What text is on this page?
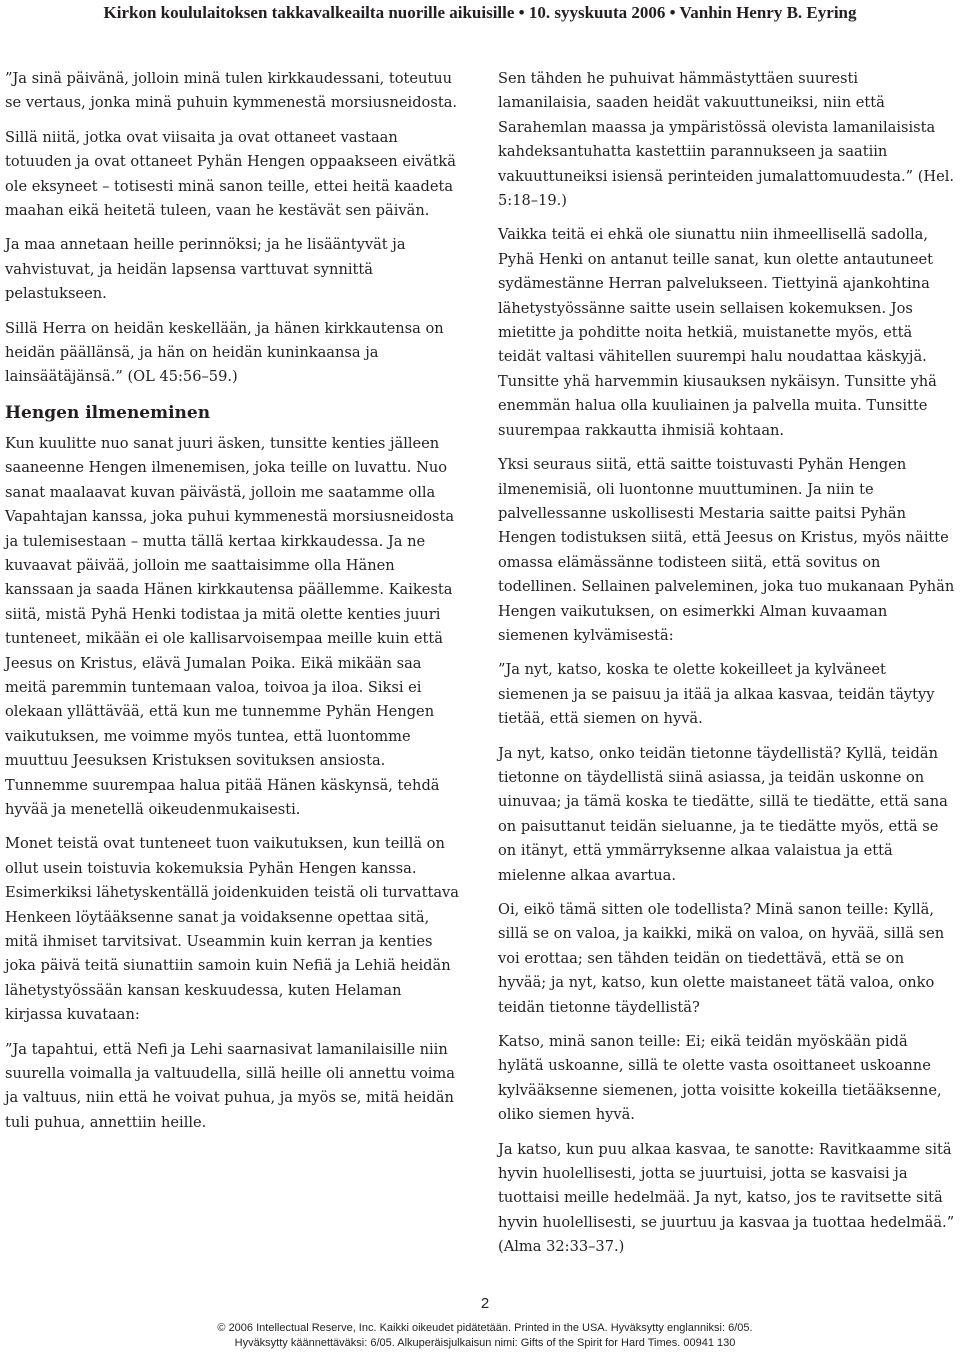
Kirkon koululaitoksen takkavalkeailta nuorille aikuisille • 10. syyskuuta 2006 • Vanhin Henry B. Eyring

”Ja sinä päivänä, jolloin minä tulen kirkkaudessani, toteutuu se vertaus, jonka minä puhuin kymmenestä morsiusneidosta.

Sillä niitä, jotka ovat viisaita ja ovat ottaneet vastaan totuuden ja ovat ottaneet Pyhän Hengen oppaakseen eivätkä ole eksyneet – totisesti minä sanon teille, ettei heitä kaadeta maahan eikä heitetä tuleen, vaan he kestävät sen päivän.

Ja maa annetaan heille perinnöksi; ja he lisääntyvät ja vahvistuvat, ja heidän lapsensa varttuvat synnittä pelastukseen.

Sillä Herra on heidän keskellään, ja hänen kirkkautensa on heidän päällänsä, ja hän on heidän kuninkaansa ja lainsäätäjänsä.” (OL 45:56–59.)

Hengen ilmeneminen

Kun kuulitte nuo sanat juuri äsken, tunsitte kenties jälleen saaneenne Hengen ilmenemisen, joka teille on luvattu. Nuo sanat maalaavat kuvan päivästä, jolloin me saatamme olla Vapahtajan kanssa, joka puhui kymmenestä morsiusneidosta ja tulemisestaan – mutta tällä kertaa kirkkaudessa. Ja ne kuvaavat päivää, jolloin me saattaisimme olla Hänen kanssaan ja saada Hänen kirkkautensa päällemme. Kaikesta siitä, mistä Pyhä Henki todistaa ja mitä olette kenties juuri tunteneet, mikään ei ole kallisarvoisempaa meille kuin että Jeesus on Kristus, elävä Jumalan Poika. Eikä mikään saa meitä paremmin tuntemaan valoa, toivoa ja iloa. Siksi ei olekaan yllättävää, että kun me tunnemme Pyhän Hengen vaikutuksen, me voimme myös tuntea, että luontomme muuttuu Jeesuksen Kristuksen sovituksen ansiosta. Tunnemme suurempaa halua pitää Hänen käskynsä, tehdä hyvää ja menetellä oikeudenmukaisesti.

Monet teistä ovat tunteneet tuon vaikutuksen, kun teillä on ollut usein toistuvia kokemuksia Pyhän Hengen kanssa. Esimerkiksi lähetyskentällä joidenkuiden teistä oli turvattava Henkeen löytääksenne sanat ja voidaksenne opettaa sitä, mitä ihmiset tarvitsivat. Useammin kuin kerran ja kenties joka päivä teitä siunattiin samoin kuin Nefiä ja Lehiä heidän lähetystyössään kansan keskuudessa, kuten Helaman kirjassa kuvataan:

”Ja tapahtui, että Nefi ja Lehi saarnasivat lamanilaisille niin suurella voimalla ja valtuudella, sillä heille oli annettu voima ja valtuus, niin että he voivat puhua, ja myös se, mitä heidän tuli puhua, annettiin heille.

Sen tähden he puhuivat hämmästyttäen suuresti lamanilaisia, saaden heidät vakuuttuneiksi, niin että Sarahemlan maassa ja ympäristössä olevista lamanilaisista kahdeksantuhatta kastettiin parannukseen ja saatiin vakuuttuneiksi isiensä perinteiden jumalattomuudesta.” (Hel. 5:18–19.)

Vaikka teitä ei ehkä ole siunattu niin ihmeellisellä sadolla, Pyhä Henki on antanut teille sanat, kun olette antautuneet sydämestänne Herran palvelukseen. Tiettyinä ajankohtina lähetystyössänne saitte usein sellaisen kokemuksen. Jos mietitte ja pohditte noita hetkiä, muistanette myös, että teidät valtasi vähitellen suurempi halu noudattaa käskyjä. Tunsitte yhä harvemmin kiusauksen nykäisyn. Tunsitte yhä enemmän halua olla kuuliainen ja palvella muita. Tunsitte suurempaa rakkautta ihmisiä kohtaan.

Yksi seuraus siitä, että saitte toistuvasti Pyhän Hengen ilmenemisiä, oli luontonne muuttuminen. Ja niin te palvellessanne uskollisesti Mestaria saitte paitsi Pyhän Hengen todistuksen siitä, että Jeesus on Kristus, myös näitte omassa elämässänne todisteen siitä, että sovitus on todellinen. Sellainen palveleminen, joka tuo mukanaan Pyhän Hengen vaikutuksen, on esimerkki Alman kuvaaman siemenen kylvämisestä:

”Ja nyt, katso, koska te olette kokeilleet ja kylväneet siemenen ja se paisuu ja itää ja alkaa kasvaa, teidän täytyy tietää, että siemen on hyvä.

Ja nyt, katso, onko teidän tietonne täydellistä? Kyllä, teidän tietonne on täydellistä siinä asiassa, ja teidän uskonne on uinuvaa; ja tämä koska te tiedätte, sillä te tiedätte, että sana on paisuttanut teidän sieluanne, ja te tiedätte myös, että se on itänyt, että ymmärryksenne alkaa valaistua ja että mielenne alkaa avartua.

Oi, eikö tämä sitten ole todellista? Minä sanon teille: Kyllä, sillä se on valoa, ja kaikki, mikä on valoa, on hyvää, sillä sen voi erottaa; sen tähden teidän on tiedettävä, että se on hyvää; ja nyt, katso, kun olette maistaneet tätä valoa, onko teidän tietonne täydellistä?

Katso, minä sanon teille: Ei; eikä teidän myöskään pidä hylätä uskoanne, sillä te olette vasta osoittaneet uskoanne kylvääksenne siemenen, jotta voisitte kokeilla tietääksenne, oliko siemen hyvä.

Ja katso, kun puu alkaa kasvaa, te sanotte: Ravitkaamme sitä hyvin huolellisesti, jotta se juurtuisi, jotta se kasvaisi ja tuottaisi meille hedelmää. Ja nyt, katso, jos te ravitsette sitä hyvin huolellisesti, se juurtuu ja kasvaa ja tuottaa hedelmää.” (Alma 32:33–37.)

2
© 2006 Intellectual Reserve, Inc. Kaikki oikeudet pidätetään. Printed in the USA. Hyväksytty englanniksi: 6/05.
Hyväksytty käännettäväksi: 6/05. Alkuperäisjulkaisun nimi: Gifts of the Spirit for Hard Times. 00941 130
